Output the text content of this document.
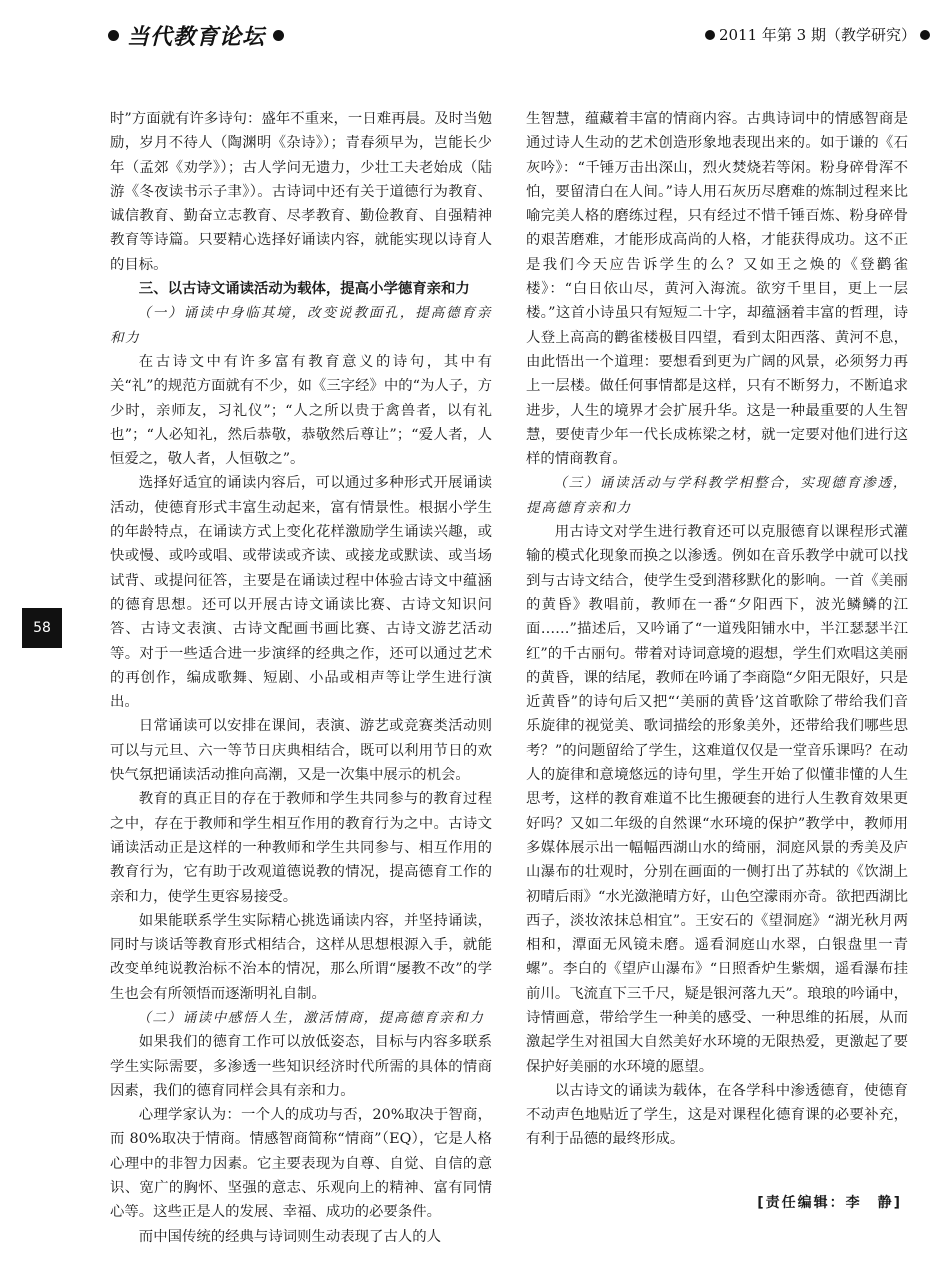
当代教育论坛	2011 年第 3 期（教学研究）
58

时”方面就有许多诗句：盛年不重来，一日难再晨。及时当勉励，岁月不待人（陶渊明《杂诗》）；青春须早为，岂能长少年（孟郊《劝学》）；古人学问无遗力，少壮工夫老始成（陆游《冬夜读书示子聿》）。古诗词中还有关于道德行为教育、诚信教育、勤奋立志教育、尽孝教育、勤俭教育、自强精神教育等诗篇。只要精心选择好诵读内容，就能实现以诗育人的目标。

三、以古诗文诵读活动为载体，提高小学德育亲和力
（一）诵读中身临其境，改变说教面孔，提高德育亲和力

在古诗文中有许多富有教育意义的诗句，其中有关“礼”的规范方面就有不少，如《三字经》中的“为人子，方少时，亲师友，习礼仪”；“人之所以贵于禽兽者，以有礼也”；“人必知礼，然后恭敬，恭敬然后尊让”；“爱人者，人恒爱之，敬人者，人恒敬之”。

选择好适宜的诵读内容后，可以通过多种形式开展诵读活动，使德育形式丰富生动起来，富有情景性。根据小学生的年龄特点，在诵读方式上变化花样激励学生诵读兴趣，或快或慢、或吟或唱、或带读或齐读、或接龙或默读、或当场试背、或提问征答，主要是在诵读过程中体验古诗文中蕴涵的德育思想。还可以开展古诗文诵读比赛、古诗文知识问答、古诗文表演、古诗文配画书画比赛、古诗文游艺活动等。对于一些适合进一步演绎的经典之作，还可以通过艺术的再创作，编成歌舞、短剧、小品或相声等让学生进行演出。

日常诵读可以安排在课间，表演、游艺或竞赛类活动则可以与元旦、六一等节日庆典相结合，既可以利用节日的欢快气氛把诵读活动推向高潮，又是一次集中展示的机会。

教育的真正目的存在于教师和学生共同参与的教育过程之中，存在于教师和学生相互作用的教育行为之中。古诗文诵读活动正是这样的一种教师和学生共同参与、相互作用的教育行为，它有助于改观道德说教的情况，提高德育工作的亲和力，使学生更容易接受。

如果能联系学生实际精心挑选诵读内容，并坚持诵读，同时与谈话等教育形式相结合，这样从思想根源入手，就能改变单纯说教治标不治本的情况，那么所谓“屡教不改”的学生也会有所领悟而逐渐明礼自制。

（二）诵读中感悟人生，激活情商，提高德育亲和力

如果我们的德育工作可以放低姿态，目标与内容多联系学生实际需要，多渗透一些知识经济时代所需的具体的情商因素，我们的德育同样会具有亲和力。

心理学家认为：一个人的成功与否，20%取决于智商，而 80%取决于情商。情感智商简称“情商”（EQ），它是人格心理中的非智力因素。它主要表现为自尊、自觉、自信的意识、宽广的胸怀、坚强的意志、乐观向上的精神、富有同情心等。这些正是人的发展、幸福、成功的必要条件。

而中国传统的经典与诗词则生动表现了古人的人

生智慧，蕴藏着丰富的情商内容。古典诗词中的情感智商是通过诗人生动的艺术创造形象地表现出来的。如于谦的《石灰吟》：“千锤万击出深山，烈火焚烧若等闲。粉身碎骨浑不怕，要留清白在人间。”诗人用石灰历尽磨难的炼制过程来比喻完美人格的磨练过程，只有经过不惜千锤百炼、粉身碎骨的艰苦磨难，才能形成高尚的人格，才能获得成功。这不正是我们今天应告诉学生的么？又如王之焕的《登鹳雀楼》：“白日依山尽，黄河入海流。欲穷千里目，更上一层楼。”这首小诗虽只有短短二十字，却蕴涵着丰富的哲理，诗人登上高高的鹳雀楼极目四望，看到太阳西落、黄河不息，由此悟出一个道理：要想看到更为广阔的风景，必须努力再上一层楼。做任何事情都是这样，只有不断努力，不断追求进步，人生的境界才会扩展升华。这是一种最重要的人生智慧，要使青少年一代长成栋梁之材，就一定要对他们进行这样的情商教育。

（三）诵读活动与学科教学相整合，实现德育渗透，提高德育亲和力

用古诗文对学生进行教育还可以克服德育以课程形式灌输的模式化现象而换之以渗透。例如在音乐教学中就可以找到与古诗文结合，使学生受到潜移默化的影响。一首《美丽的黄昏》教唱前，教师在一番“夕阳西下，波光鳞鳞的江面……”描述后，又吟诵了“一道残阳铺水中，半江瑟瑟半江红”的千古丽句。带着对诗词意境的遐想，学生们欢唱这美丽的黄昏，课的结尾，教师在吟诵了李商隐“夕阳无限好，只是近黄昏”的诗句后又把“‘美丽的黄昏’这首歌除了带给我们音乐旋律的视觉美、歌词描绘的形象美外，还带给我们哪些思考？”的问题留给了学生，这难道仅仅是一堂音乐课吗？在动人的旋律和意境悠远的诗句里，学生开始了似懂非懂的人生思考，这样的教育难道不比生搬硬套的进行人生教育效果更好吗？又如二年级的自然课“水环境的保护”教学中，教师用多媒体展示出一幅幅西湖山水的绮丽，洞庭风景的秀美及庐山瀑布的壮观时，分别在画面的一侧打出了苏轼的《饮湖上初晴后雨》“水光潋滟晴方好，山色空濛雨亦奇。欲把西湖比西子，淡妆浓抹总相宜”。王安石的《望洞庭》“湖光秋月两相和，潭面无风镜未磨。遥看洞庭山水翠，白银盘里一青螺”。李白的《望庐山瀑布》“日照香炉生紫烟，遥看瀑布挂前川。飞流直下三千尺，疑是银河落九天”。琅琅的吟诵中，诗情画意，带给学生一种美的感受、一种思维的拓展，从而激起学生对祖国大自然美好水环境的无限热爱，更激起了要保护好美丽的水环境的愿望。

以古诗文的诵读为载体，在各学科中渗透德育，使德育不动声色地贴近了学生，这是对课程化德育课的必要补充，有利于品德的最终形成。

[责任编辑：李　静]
